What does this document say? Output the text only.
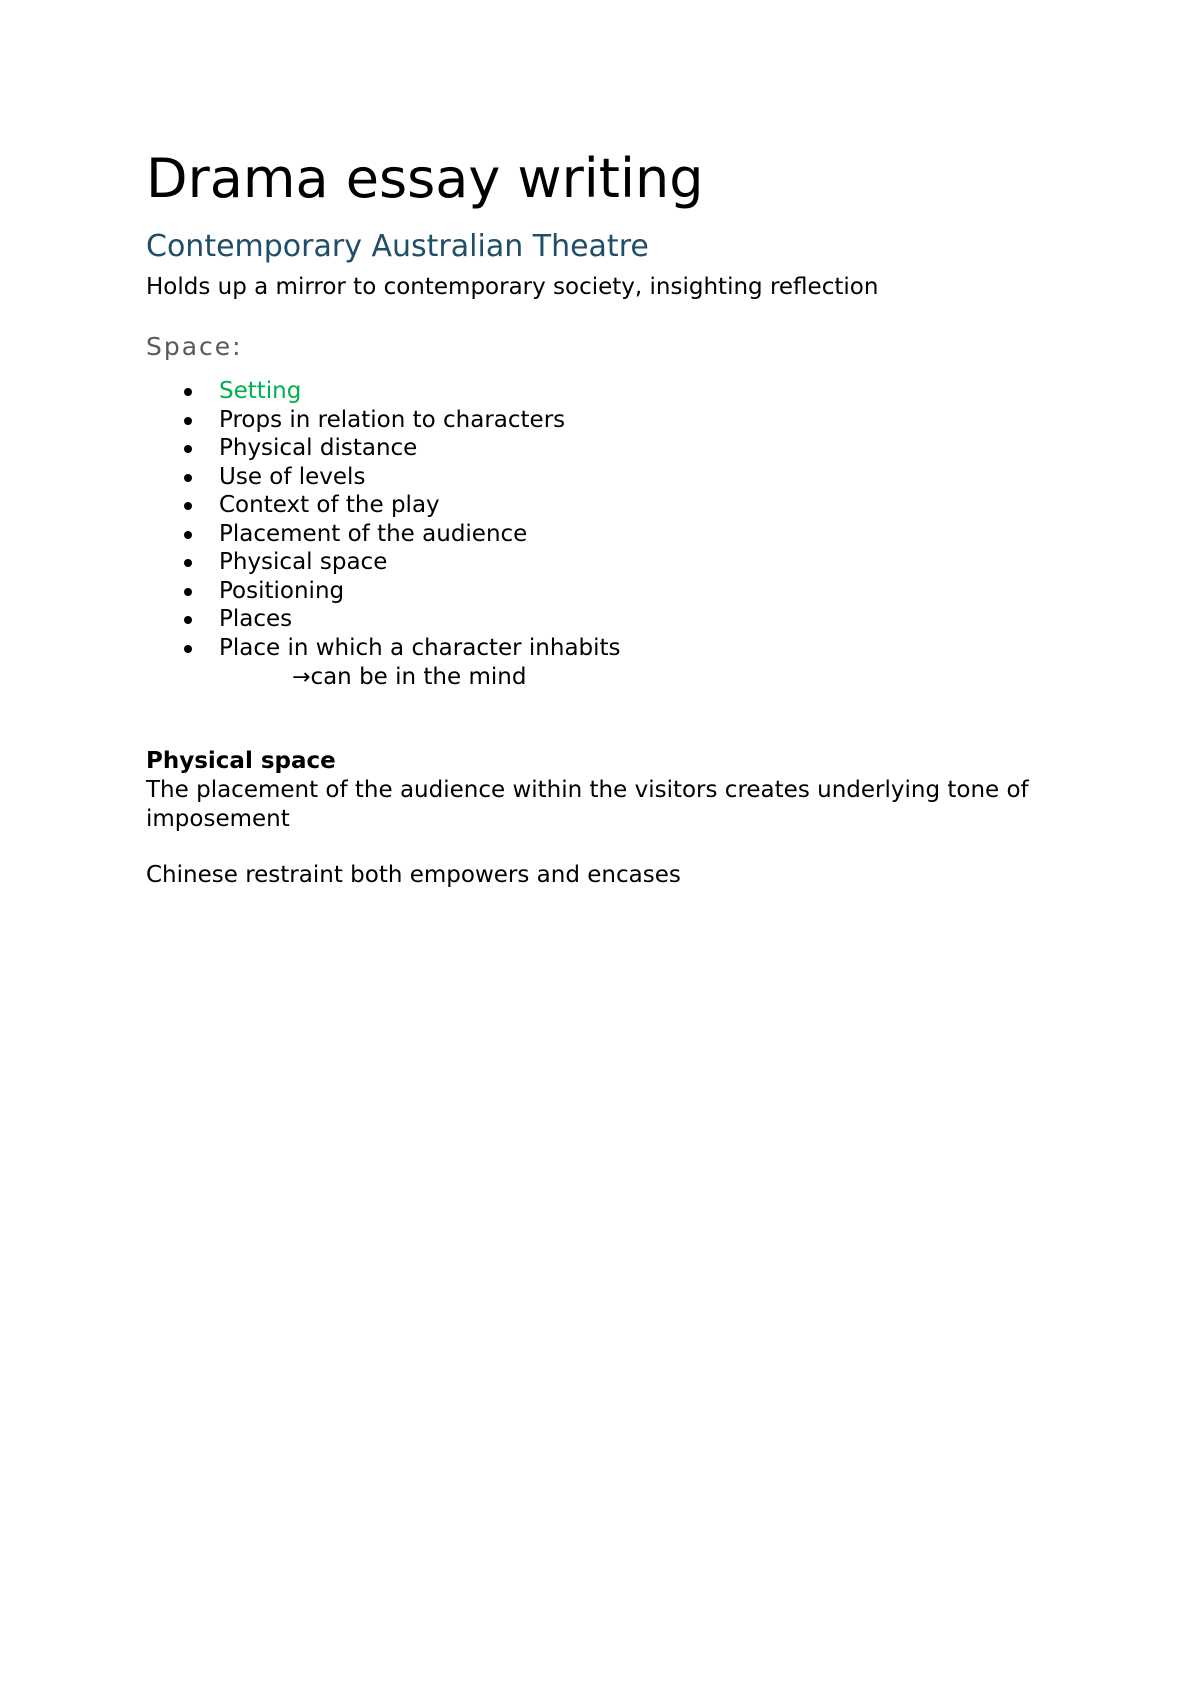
Drama essay writing
Contemporary Australian Theatre

Holds up a mirror to contemporary society, insighting reflection

Space:
Setting
Props in relation to characters
Physical distance
Use of levels
Context of the play
Placement of the audience
Physical space
Positioning
Places
Place in which a character inhabits
→can be in the mind

Physical space

The placement of the audience within the visitors creates underlying tone of imposement

Chinese restraint both empowers and encases
